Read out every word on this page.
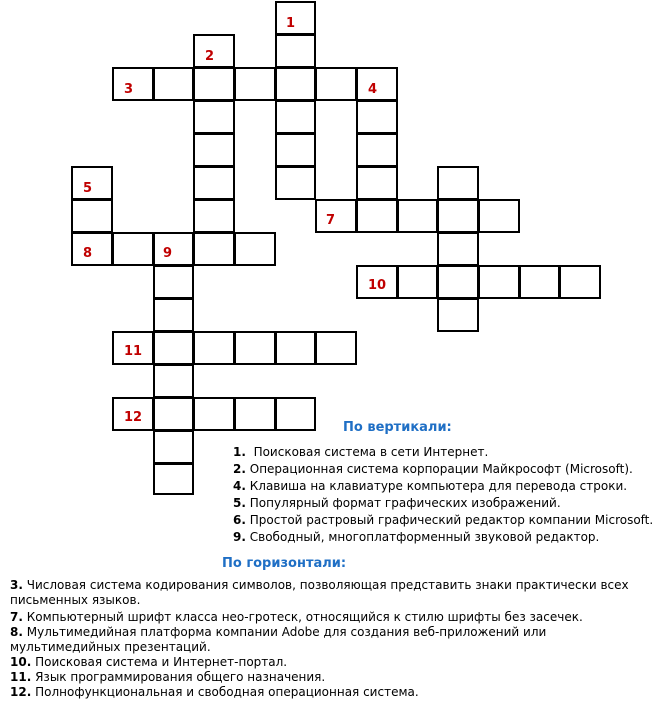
1
2
3	4
5
7
8	9
10
11
12
По вертикали:
1. Поисковая система в сети Интернет.
2. Операционная система корпорации Майкрософт (Microsoft).
4. Клавиша на клавиатуре компьютера для перевода строки.
5. Популярный формат графических изображений.
6. Простой растровый графический редактор компании Microsoft.
9. Свободный, многоплатформенный звуковой редактор.
По горизонтали:
3. Числовая система кодирования символов, позволяющая представить знаки практически всех письменных языков.
7. Компьютерный шрифт класса нео-гротеск, относящийся к стилю шрифты без засечек.
8. Мультимедийная платформа компании Adobe для создания веб-приложений или мультимедийных презентаций.
10. Поисковая система и Интернет-портал.
11. Язык программирования общего назначения.
12. Полнофункциональная и свободная операционная система.
